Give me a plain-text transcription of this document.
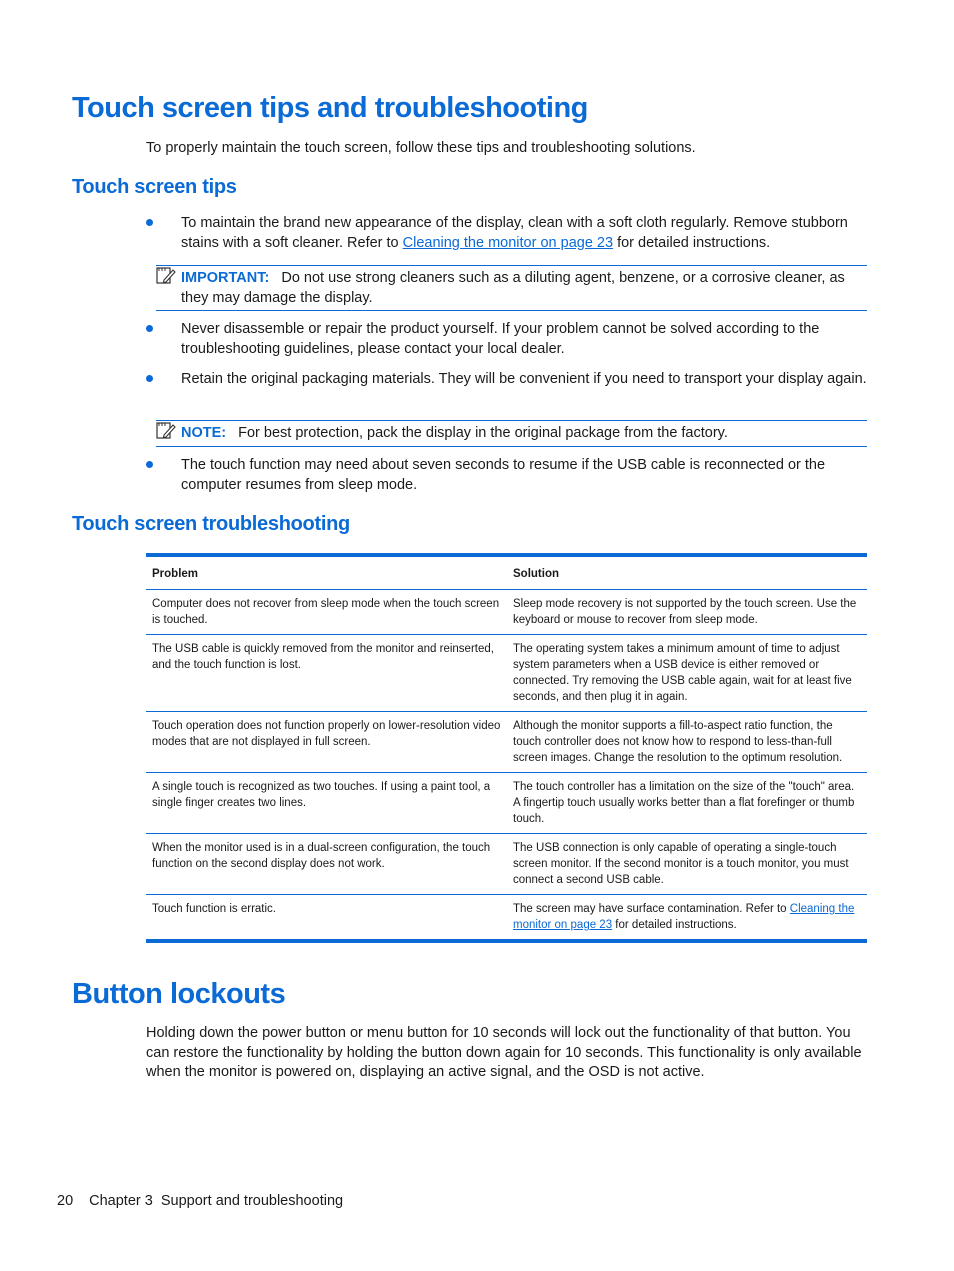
Touch screen tips and troubleshooting

To properly maintain the touch screen, follow these tips and troubleshooting solutions.

Touch screen tips
To maintain the brand new appearance of the display, clean with a soft cloth regularly. Remove stubborn stains with a soft cleaner. Refer to Cleaning the monitor on page 23 for detailed instructions.
IMPORTANT: Do not use strong cleaners such as a diluting agent, benzene, or a corrosive cleaner, as they may damage the display.
Never disassemble or repair the product yourself. If your problem cannot be solved according to the troubleshooting guidelines, please contact your local dealer.
Retain the original packaging materials. They will be convenient if you need to transport your display again.
NOTE: For best protection, pack the display in the original package from the factory.
The touch function may need about seven seconds to resume if the USB cable is reconnected or the computer resumes from sleep mode.
Touch screen troubleshooting
Problem	Solution
Computer does not recover from sleep mode when the touch screen is touched.	Sleep mode recovery is not supported by the touch screen. Use the keyboard or mouse to recover from sleep mode.
The USB cable is quickly removed from the monitor and reinserted, and the touch function is lost.	The operating system takes a minimum amount of time to adjust system parameters when a USB device is either removed or connected. Try removing the USB cable again, wait for at least five seconds, and then plug it in again.
Touch operation does not function properly on lower-resolution video modes that are not displayed in full screen.	Although the monitor supports a fill-to-aspect ratio function, the touch controller does not know how to respond to less-than-full screen images. Change the resolution to the optimum resolution.
A single touch is recognized as two touches. If using a paint tool, a single finger creates two lines.	The touch controller has a limitation on the size of the "touch" area. A fingertip touch usually works better than a flat forefinger or thumb touch.
When the monitor used is in a dual-screen configuration, the touch function on the second display does not work.	The USB connection is only capable of operating a single-touch screen monitor. If the second monitor is a touch monitor, you must connect a second USB cable.
Touch function is erratic.	The screen may have surface contamination. Refer to Cleaning the monitor on page 23 for detailed instructions.
Button lockouts

Holding down the power button or menu button for 10 seconds will lock out the functionality of that button. You can restore the functionality by holding the button down again for 10 seconds. This functionality is only available when the monitor is powered on, displaying an active signal, and the OSD is not active.

20 Chapter 3  Support and troubleshooting
